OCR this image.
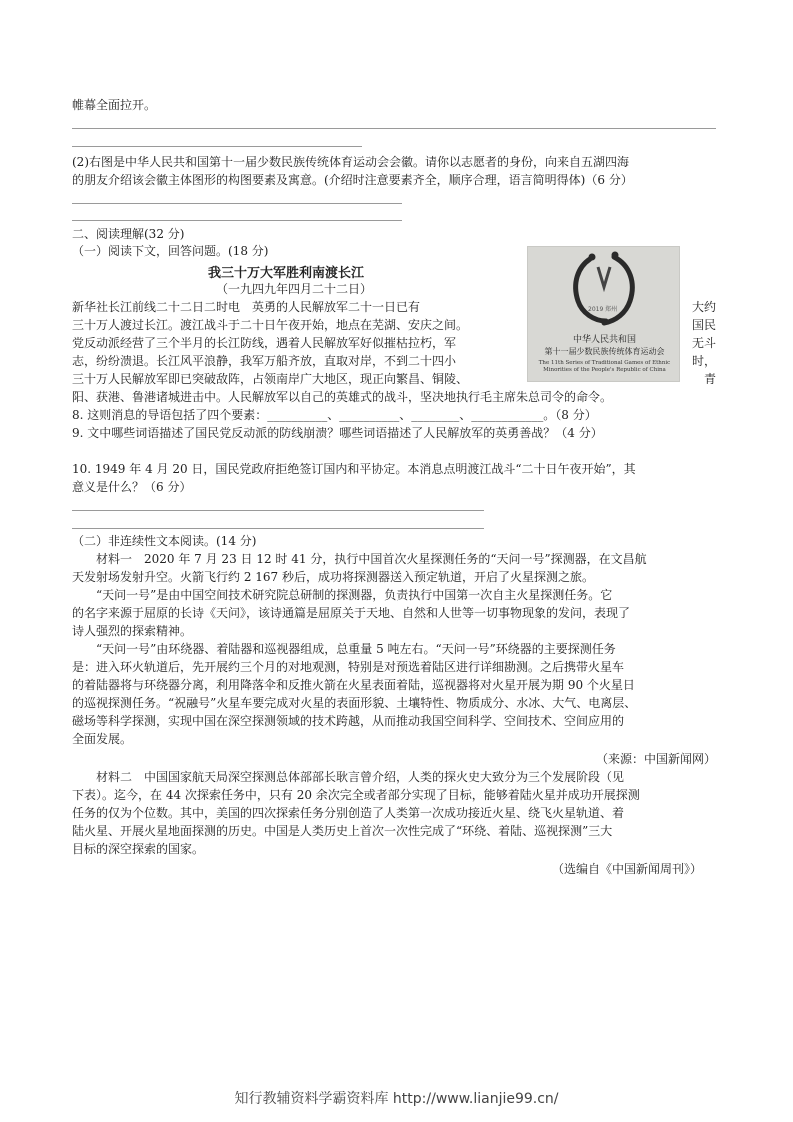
帷幕全面拉开。
(2)右图是中华人民共和国第十一届少数民族传统体育运动会会徽。请你以志愿者的身份，向来自五湖四海
的朋友介绍该会徽主体图形的构图要素及寓意。(介绍时注意要素齐全，顺序合理，语言简明得体)（6 分）
二、阅读理解(32 分)
（一）阅读下文，回答问题。(18 分)
我三十万大军胜利南渡长江
（一九四九年四月二十二日）
新华社长江前线二十二日二时电　英勇的人民解放军二十一日已有
三十万人渡过长江。渡江战斗于二十日午夜开始，地点在芜湖、安庆之间。
党反动派经营了三个半月的长江防线，遇着人民解放军好似摧枯拉朽，军
志，纷纷溃退。长江风平浪静，我军万船齐放，直取对岸，不到二十四小
三十万人民解放军即已突破敌阵，占领南岸广大地区，现正向繁昌、铜陵、
阳、获港、鲁港诸城进击中。人民解放军以自己的英雄式的战斗，坚决地执行毛主席朱总司令的命令。
大约
国民
无斗
时，
青
2019 郑州
中华人民共和国
第十一届少数民族传统体育运动会
The 11th Series of Traditional Games of Ethnic Minorities of the People's Republic of China
8. 这则消息的导语包括了四个要素：__________、__________、________、____________。（8 分）
9. 文中哪些词语描述了国民党反动派的防线崩溃？哪些词语描述了人民解放军的英勇善战？（4 分）
10. 1949 年 4 月 20 日，国民党政府拒绝签订国内和平协定。本消息点明渡江战斗“二十日午夜开始”，其
意义是什么？（6 分）
（二）非连续性文本阅读。(14 分)
　　材料一　2020 年 7 月 23 日 12 时 41 分，执行中国首次火星探测任务的“天问一号”探测器，在文昌航
天发射场发射升空。火箭飞行约 2 167 秒后，成功将探测器送入预定轨道，开启了火星探测之旅。
　　“天问一号”是由中国空间技术研究院总研制的探测器，负责执行中国第一次自主火星探测任务。它
的名字来源于屈原的长诗《天问》，该诗通篇是屈原关于天地、自然和人世等一切事物现象的发问，表现了
诗人强烈的探索精神。
　　“天问一号”由环绕器、着陆器和巡视器组成，总重量 5 吨左右。“天问一号”环绕器的主要探测任务
是：进入环火轨道后，先开展约三个月的对地观测，特别是对预选着陆区进行详细勘测。之后携带火星车
的着陆器将与环绕器分离，利用降落伞和反推火箭在火星表面着陆，巡视器将对火星开展为期 90 个火星日
的巡视探测任务。“祝融号”火星车要完成对火星的表面形貌、土壤特性、物质成分、水冰、大气、电离层、
磁场等科学探测，实现中国在深空探测领域的技术跨越，从而推动我国空间科学、空间技术、空间应用的
全面发展。
（来源：中国新闻网）
　　材料二　中国国家航天局深空探测总体部部长耿言曾介绍，人类的探火史大致分为三个发展阶段（见
下表）。迄今，在 44 次探索任务中，只有 20 余次完全或者部分实现了目标，能够着陆火星并成功开展探测
任务的仅为个位数。其中，美国的四次探索任务分别创造了人类第一次成功接近火星、绕飞火星轨道、着
陆火星、开展火星地面探测的历史。中国是人类历史上首次一次性完成了“环绕、着陆、巡视探测”三大
目标的深空探索的国家。
（选编自《中国新闻周刊》）
知行教辅资料学霸资料库 http://www.lianjie99.cn/
